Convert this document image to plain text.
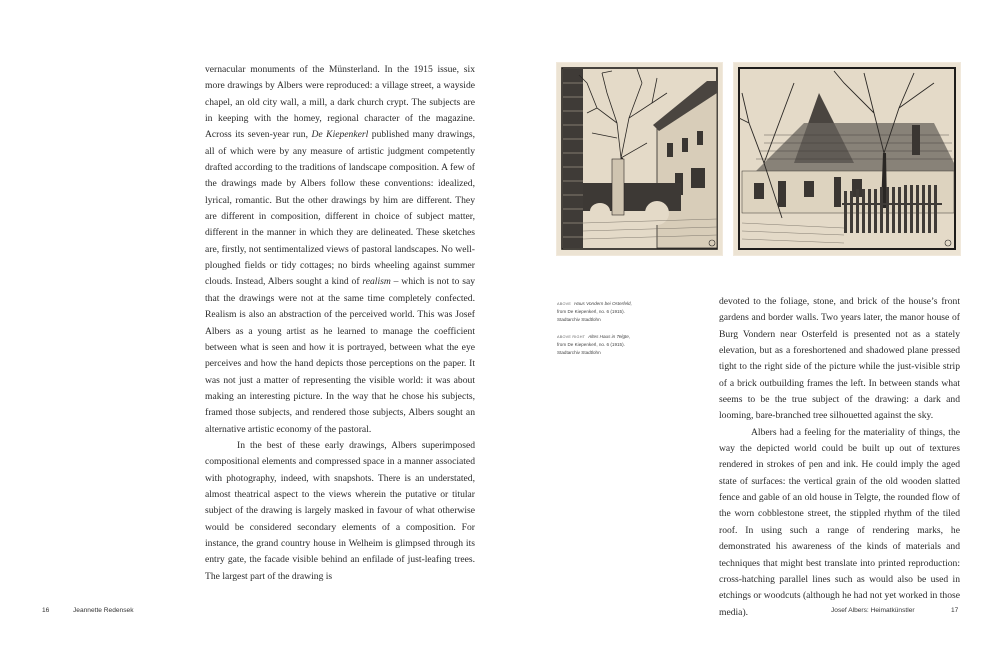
vernacular monuments of the Münsterland. In the 1915 issue, six more drawings by Albers were reproduced: a village street, a wayside chapel, an old city wall, a mill, a dark church crypt. The subjects are in keeping with the homey, regional character of the magazine. Across its seven-year run, De Kiepenkerl published many drawings, all of which were by any measure of artistic judgment competently drafted according to the traditions of landscape composition. A few of the drawings made by Albers follow these conventions: idealized, lyrical, romantic. But the other drawings by him are different. They are different in composition, different in choice of subject matter, different in the manner in which they are delineated. These sketches are, firstly, not sentimentalized views of pastoral landscapes. No well-ploughed fields or tidy cottages; no birds wheeling against summer clouds. Instead, Albers sought a kind of realism – which is not to say that the drawings were not at the same time completely confected. Realism is also an abstraction of the perceived world. This was Josef Albers as a young artist as he learned to manage the coefficient between what is seen and how it is portrayed, between what the eye perceives and how the hand depicts those perceptions on the paper. It was not just a matter of representing the visible world: it was about making an interesting picture. In the way that he chose his subjects, framed those subjects, and rendered those subjects, Albers sought an alternative artistic economy of the pastoral.

In the best of these early drawings, Albers superimposed compositional elements and compressed space in a manner associated with photography, indeed, with snapshots. There is an understated, almost theatrical aspect to the views wherein the putative or titular subject of the drawing is largely masked in favour of what otherwise would be considered secondary elements of a composition. For instance, the grand country house in Welheim is glimpsed through its entry gate, the facade visible behind an enfilade of just-leafing trees. The largest part of the drawing is

16	Jeannette Redensek
ABOVE Haus Vondern bei Osterfeld,
from De Kiepenkerl, no. 6 (1915).
Stadtarchiv Stadtlohn
ABOVE RIGHT Altes Haus in Telgte,
from De Kiepenkerl, no. 6 (1915).
Stadtarchiv Stadtlohn

devoted to the foliage, stone, and brick of the house’s front gardens and border walls. Two years later, the manor house of Burg Vondern near Osterfeld is presented not as a stately elevation, but as a foreshortened and shadowed plane pressed tight to the right side of the picture while the just-visible strip of a brick outbuilding frames the left. In between stands what seems to be the true subject of the drawing: a dark and looming, bare-branched tree silhouetted against the sky.

Albers had a feeling for the materiality of things, the way the depicted world could be built up out of textures rendered in strokes of pen and ink. He could imply the aged state of surfaces: the vertical grain of the old wooden slatted fence and gable of an old house in Telgte, the rounded flow of the worn cobblestone street, the stippled rhythm of the tiled roof. In using such a range of rendering marks, he demonstrated his awareness of the kinds of materials and techniques that might best translate into printed reproduction: cross-hatching parallel lines such as would also be used in etchings or woodcuts (although he had not yet worked in those media).	Josef Albers: Heimatkünstler	17
